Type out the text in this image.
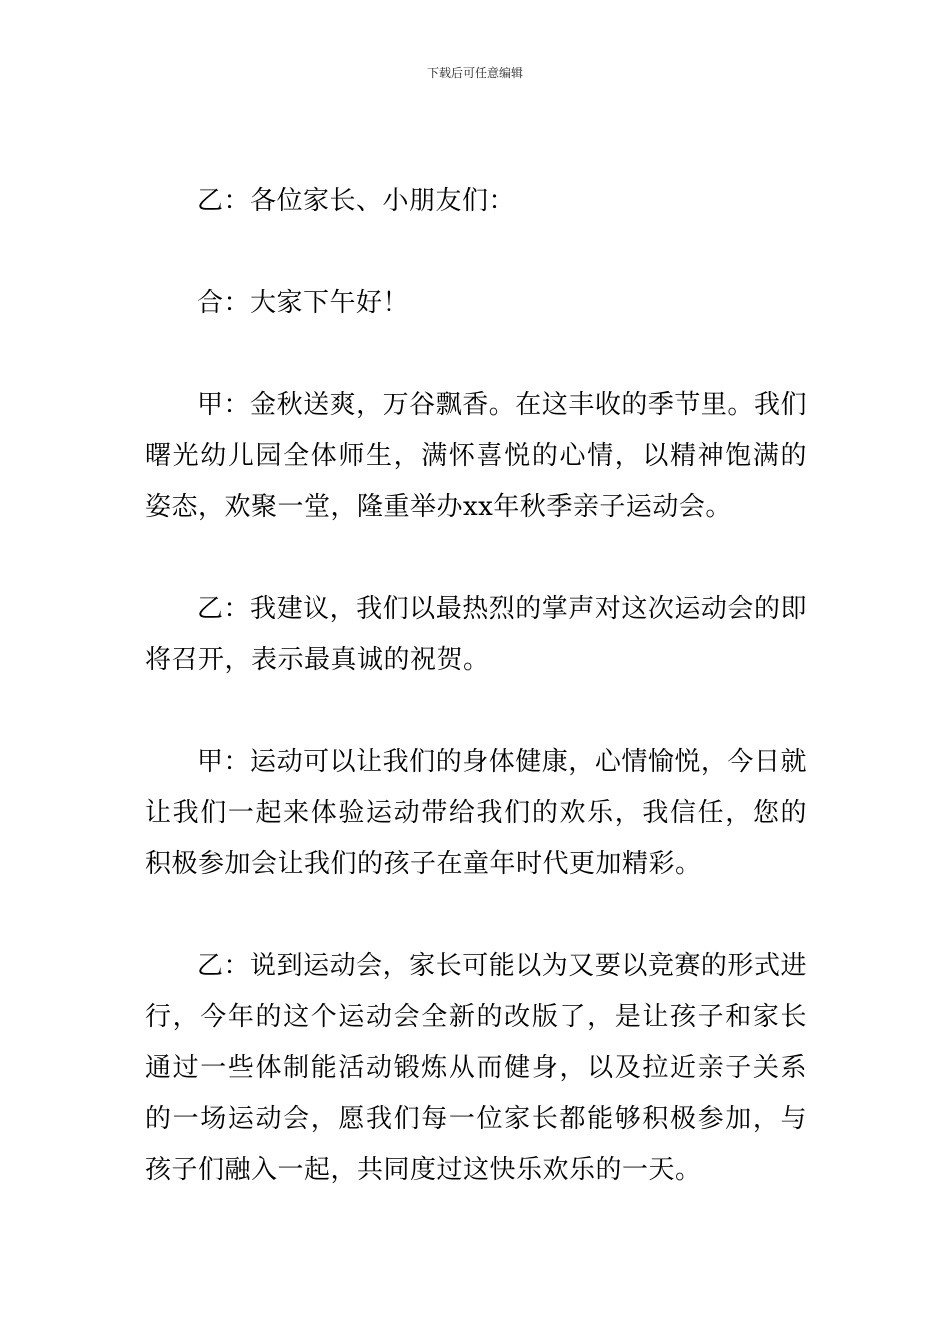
下载后可任意编辑

乙：各位家长、小朋友们：

合：大家下午好！

甲：金秋送爽，万谷飘香。在这丰收的季节里。我们曙光幼儿园全体师生，满怀喜悦的心情，以精神饱满的姿态，欢聚一堂，隆重举办xx年秋季亲子运动会。

乙：我建议，我们以最热烈的掌声对这次运动会的即将召开，表示最真诚的祝贺。

甲：运动可以让我们的身体健康，心情愉悦，今日就让我们一起来体验运动带给我们的欢乐，我信任，您的积极参加会让我们的孩子在童年时代更加精彩。

乙：说到运动会，家长可能以为又要以竞赛的形式进行，今年的这个运动会全新的改版了，是让孩子和家长通过一些体制能活动锻炼从而健身，以及拉近亲子关系的一场运动会，愿我们每一位家长都能够积极参加，与孩子们融入一起，共同度过这快乐欢乐的一天。
